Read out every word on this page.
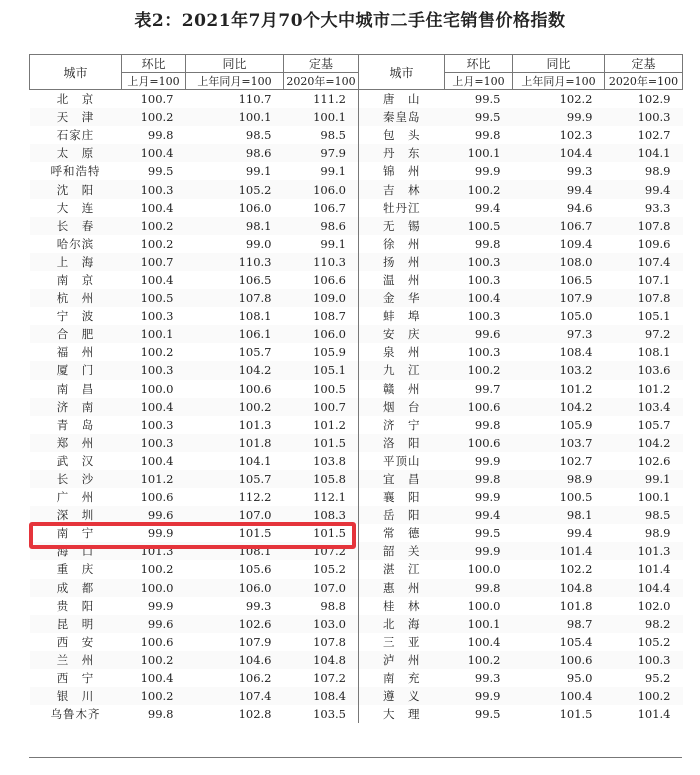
表2：2021年7月70个大中城市二手住宅销售价格指数
城市	环比	同比	定基	城市	环比	同比	定基
	上月=100	上年同月=100	2020年=100		上月=100	上年同月=100	2020年=100
北　京	100.7	110.7	111.2	唐　山	99.5	102.2	102.9
天　津	100.2	100.1	100.1	秦皇岛	99.5	99.9	100.3
石家庄	99.8	98.5	98.5	包　头	99.8	102.3	102.7
太　原	100.4	98.6	97.9	丹　东	100.1	104.4	104.1
呼和浩特	99.5	99.1	99.1	锦　州	99.9	99.3	98.9
沈　阳	100.3	105.2	106.0	吉　林	100.2	99.4	99.4
大　连	100.4	106.0	106.7	牡丹江	99.4	94.6	93.3
长　春	100.2	98.1	98.6	无　锡	100.5	106.7	107.8
哈尔滨	100.2	99.0	99.1	徐　州	99.8	109.4	109.6
上　海	100.7	110.3	110.3	扬　州	100.3	108.0	107.4
南　京	100.4	106.5	106.6	温　州	100.3	106.5	107.1
杭　州	100.5	107.8	109.0	金　华	100.4	107.9	107.8
宁　波	100.3	108.1	108.7	蚌　埠	100.3	105.0	105.1
合　肥	100.1	106.1	106.0	安　庆	99.6	97.3	97.2
福　州	100.2	105.7	105.9	泉　州	100.3	108.4	108.1
厦　门	100.3	104.2	105.1	九　江	100.2	103.2	103.6
南　昌	100.0	100.6	100.5	赣　州	99.7	101.2	101.2
济　南	100.4	100.2	100.7	烟　台	100.6	104.2	103.4
青　岛	100.3	101.3	101.2	济　宁	99.8	105.9	105.7
郑　州	100.3	101.8	101.5	洛　阳	100.6	103.7	104.2
武　汉	100.4	104.1	103.8	平顶山	99.9	102.7	102.6
长　沙	101.2	105.7	105.8	宜　昌	99.8	98.9	99.1
广　州	100.6	112.2	112.1	襄　阳	99.9	100.5	100.1
深　圳	99.6	107.0	108.3	岳　阳	99.4	98.1	98.5
南　宁	99.9	101.5	101.5	常　德	99.5	99.4	98.9
海　口	101.3	108.1	107.2	韶　关	99.9	101.4	101.3
重　庆	100.2	105.6	105.2	湛　江	100.0	102.2	101.4
成　都	100.0	106.0	107.0	惠　州	99.8	104.8	104.4
贵　阳	99.9	99.3	98.8	桂　林	100.0	101.8	102.0
昆　明	99.6	102.6	103.0	北　海	100.1	98.7	98.2
西　安	100.6	107.9	107.8	三　亚	100.4	105.4	105.2
兰　州	100.2	104.6	104.8	泸　州	100.2	100.6	100.3
西　宁	100.4	106.2	107.2	南　充	99.3	95.0	95.2
银　川	100.2	107.4	108.4	遵　义	99.9	100.4	100.2
乌鲁木齐	99.8	102.8	103.5	大　理	99.5	101.5	101.4
